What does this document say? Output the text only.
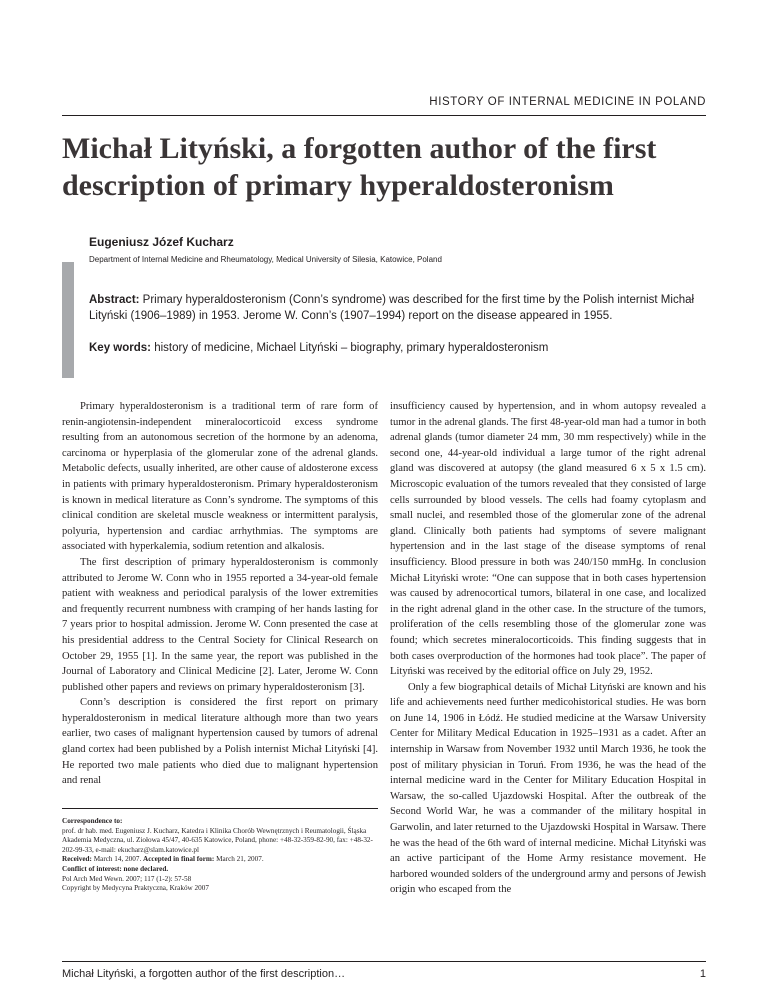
HISTORY OF INTERNAL MEDICINE IN POLAND
Michał Lityński, a forgotten author of the first description of primary hyperaldosteronism
Eugeniusz Józef Kucharz
Department of Internal Medicine and Rheumatology, Medical University of Silesia, Katowice, Poland
Abstract: Primary hyperaldosteronism (Conn’s syndrome) was described for the first time by the Polish internist Michał Lityński (1906–1989) in 1953. Jerome W. Conn’s (1907–1994) report on the disease appeared in 1955.
Key words: history of medicine, Michael Lityński – biography, primary hyperaldosteronism

Primary hyperaldosteronism is a traditional term of rare form of renin-angiotensin-independent mineralocorticoid excess syndrome resulting from an autonomous secretion of the hormone by an adenoma, carcinoma or hyperplasia of the glomerular zone of the adrenal glands. Metabolic defects, usually inherited, are other cause of aldosterone excess in patients with primary hyperaldosteronism. Primary hyperaldosteronism is known in medical literature as Conn’s syndrome. The symptoms of this clinical condition are skeletal muscle weakness or intermittent paralysis, polyuria, hypertension and cardiac arrhythmias. The symptoms are associated with hyperkalemia, sodium retention and alkalosis.

The first description of primary hyperaldosteronism is commonly attributed to Jerome W. Conn who in 1955 reported a 34-year-old female patient with weakness and periodical paralysis of the lower extremities and frequently recurrent numbness with cramping of her hands lasting for 7 years prior to hospital admission. Jerome W. Conn presented the case at his presidential address to the Central Society for Clinical Research on October 29, 1955 [1]. In the same year, the report was published in the Journal of Laboratory and Clinical Medicine [2]. Later, Jerome W. Conn published other papers and reviews on primary hyperaldosteronism [3].

Conn’s description is considered the first report on primary hyperaldosteronism in medical literature although more than two years earlier, two cases of malignant hypertension caused by tumors of adrenal gland cortex had been published by a Polish internist Michał Lityński [4]. He reported two male patients who died due to malignant hypertension and renal

insufficiency caused by hypertension, and in whom autopsy revealed a tumor in the adrenal glands. The first 48-year-old man had a tumor in both adrenal glands (tumor diameter 24 mm, 30 mm respectively) while in the second one, 44-year-old individual a large tumor of the right adrenal gland was discovered at autopsy (the gland measured 6 x 5 x 1.5 cm). Microscopic evaluation of the tumors revealed that they consisted of large cells surrounded by blood vessels. The cells had foamy cytoplasm and small nuclei, and resembled those of the glomerular zone of the adrenal gland. Clinically both patients had symptoms of severe malignant hypertension and in the last stage of the disease symptoms of renal insufficiency. Blood pressure in both was 240/150 mmHg. In conclusion Michał Lityński wrote: “One can suppose that in both cases hypertension was caused by adrenocortical tumors, bilateral in one case, and localized in the right adrenal gland in the other case. In the structure of the tumors, proliferation of the cells resembling those of the glomerular zone was found; which secretes mineralocorticoids. This finding suggests that in both cases overproduction of the hormones had took place”. The paper of Lityński was received by the editorial office on July 29, 1952.

Only a few biographical details of Michał Lityński are known and his life and achievements need further medicohistorical studies. He was born on June 14, 1906 in Łódź. He studied medicine at the Warsaw University Center for Military Medical Education in 1925–1931 as a cadet. After an internship in Warsaw from November 1932 until March 1936, he took the post of military physician in Toruń. From 1936, he was the head of the internal medicine ward in the Center for Military Education Hospital in Warsaw, the so-called Ujazdowski Hospital. After the outbreak of the Second World War, he was a commander of the military hospital in Garwolin, and later returned to the Ujazdowski Hospital in Warsaw. There he was the head of the 6th ward of internal medicine. Michał Lityński was an active participant of the Home Army resistance movement. He harbored wounded solders of the underground army and persons of Jewish origin who escaped from the

Correspondence to:
prof. dr hab. med. Eugeniusz J. Kucharz, Katedra i Klinika Chorób Wewnętrznych i Reumatologii, Śląska Akademia Medyczna, ul. Ziołowa 45/47, 40-635 Katowice, Poland, phone: +48-32-359-82-90, fax: +48-32-202-99-33, e-mail: ekucharz@slam.katowice.pl
Received: March 14, 2007. Accepted in final form: March 21, 2007.
Conflict of interest: none declared.
Pol Arch Med Wewn. 2007; 117 (1-2): 57-58
Copyright by Medycyna Praktyczna, Kraków 2007
Michał Lityński, a forgotten author of the first description…	1
